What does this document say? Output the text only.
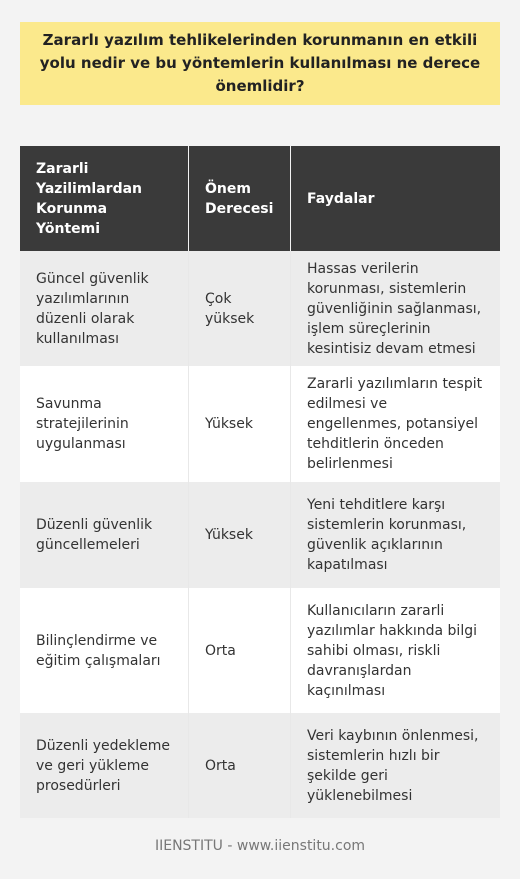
Zararlı yazılım tehlikelerinden korunmanın en etkili yolu nedir ve bu yöntemlerin kullanılması ne derece önemlidir?
Zararli Yazilimlardan Korunma Yöntemi	Önem Derecesi	Faydalar
Güncel güvenlik yazılımlarının düzenli olarak kullanılması	Çok yüksek	Hassas verilerin korunması, sistemlerin güvenliğinin sağlanması, işlem süreçlerinin kesintisiz devam etmesi
Savunma stratejilerinin uygulanması	Yüksek	Zararli yazılımların tespit edilmesi ve engellenmes, potansiyel tehditlerin önceden belirlenmesi
Düzenli güvenlik güncellemeleri	Yüksek	Yeni tehditlere karşı sistemlerin korunması, güvenlik açıklarının kapatılması
Bilinçlendirme ve eğitim çalışmaları	Orta	Kullanıcıların zararli yazılımlar hakkında bilgi sahibi olması, riskli davranışlardan kaçınılması
Düzenli yedekleme ve geri yükleme prosedürleri	Orta	Veri kaybının önlenmesi, sistemlerin hızlı bir şekilde geri yüklenebilmesi
IIENSTITU - www.iienstitu.com
